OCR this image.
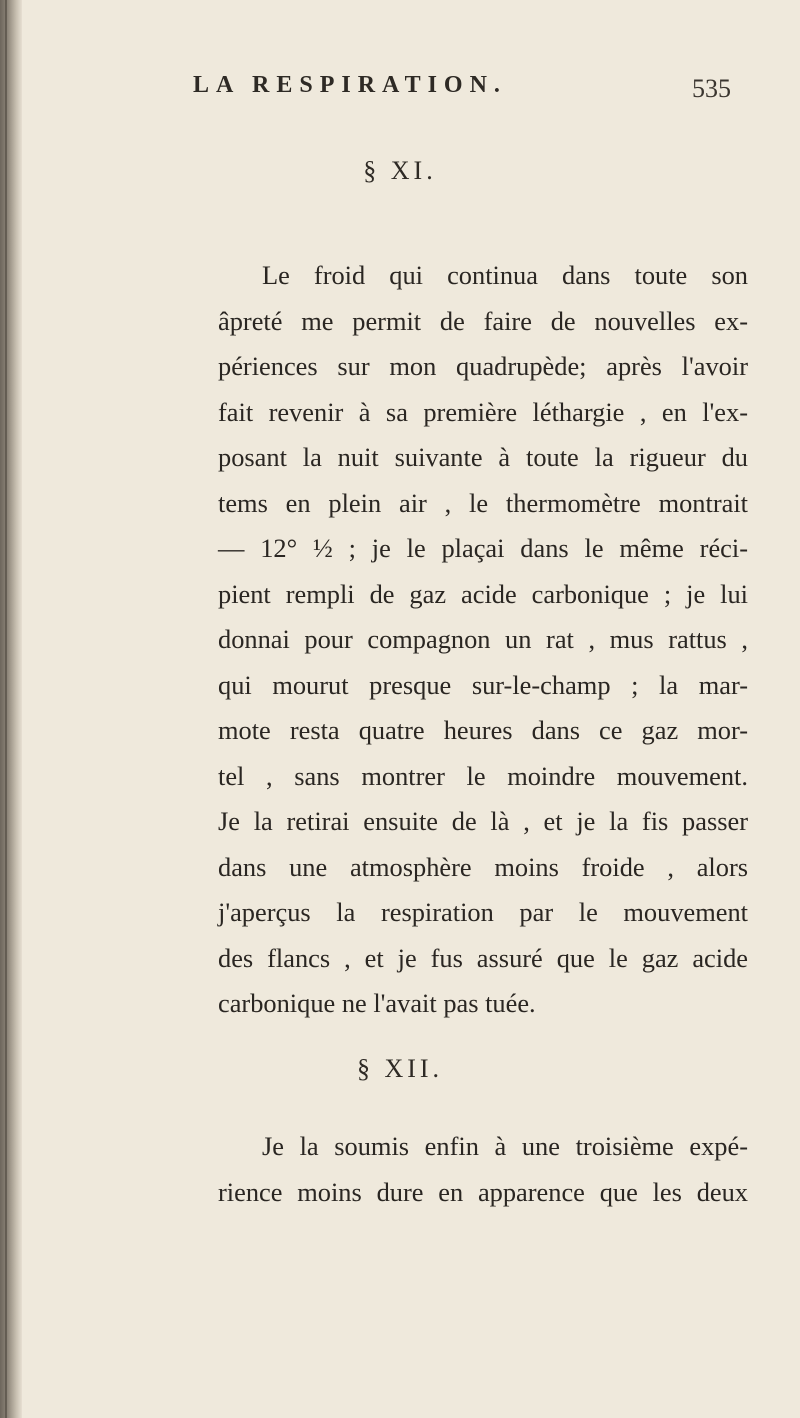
LA RESPIRATION.	535
§ XI.
Le froid qui continua dans toute son
âpreté me permit de faire de nouvelles ex-
périences sur mon quadrupède; après l'avoir
fait revenir à sa première léthargie , en l'ex-
posant la nuit suivante à toute la rigueur du
tems en plein air , le thermomètre montrait
— 12° ½ ; je le plaçai dans le même réci-
pient rempli de gaz acide carbonique ; je lui
donnai pour compagnon un rat , mus rattus ,
qui mourut presque sur-le-champ ; la mar-
mote resta quatre heures dans ce gaz mor-
tel , sans montrer le moindre mouvement.
Je la retirai ensuite de là , et je la fis passer
dans une atmosphère moins froide , alors
j'aperçus la respiration par le mouvement
des flancs , et je fus assuré que le gaz acide
carbonique ne l'avait pas tuée.
§ XII.
Je la soumis enfin à une troisième expé-
rience moins dure en apparence que les deux
